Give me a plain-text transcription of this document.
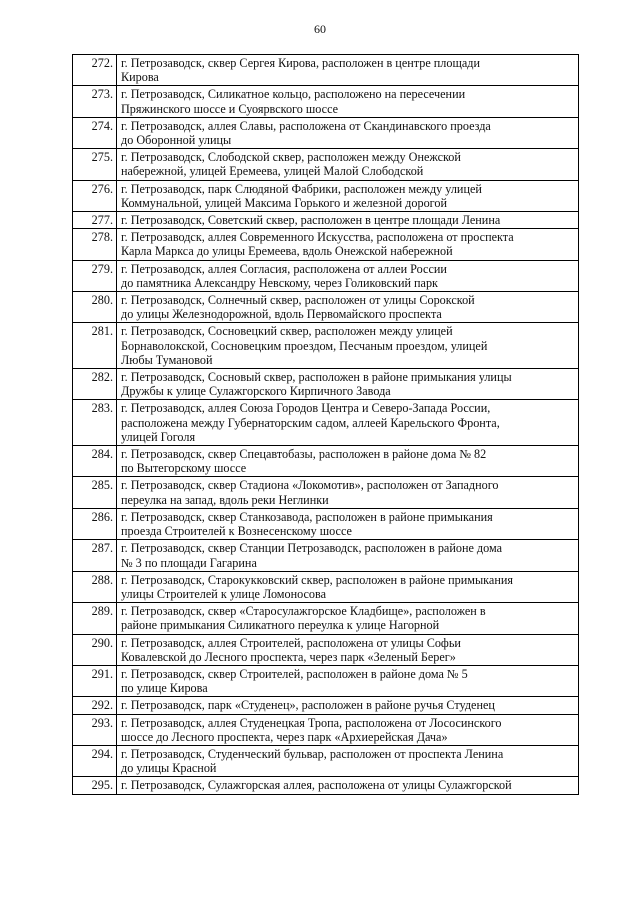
60
272.	г. Петрозаводск, сквер Сергея Кирова, расположен в центре площади
Кирова
273.	г. Петрозаводск, Силикатное кольцо, расположено на пересечении
Пряжинского шоссе и Суоярвского шоссе
274.	г. Петрозаводск, аллея Славы, расположена от Скандинавского проезда
до Оборонной улицы
275.	г. Петрозаводск, Слободской сквер, расположен между Онежской
набережной, улицей Еремеева, улицей Малой Слободской
276.	г. Петрозаводск, парк Слюдяной Фабрики, расположен между улицей
Коммунальной, улицей Максима Горького и железной дорогой
277.	г. Петрозаводск, Советский сквер, расположен в центре площади Ленина
278.	г. Петрозаводск, аллея Современного Искусства, расположена от проспекта
Карла Маркса до улицы Еремеева, вдоль Онежской набережной
279.	г. Петрозаводск, аллея Согласия, расположена от аллеи России
до памятника Александру Невскому, через Голиковский парк
280.	г. Петрозаводск, Солнечный сквер, расположен от улицы Сорокской
до улицы Железнодорожной, вдоль Первомайского проспекта
281.	г. Петрозаводск, Сосновецкий сквер, расположен между улицей
Борнаволокской, Сосновецким проездом, Песчаным проездом, улицей
Любы Тумановой
282.	г. Петрозаводск, Сосновый сквер, расположен в районе примыкания улицы
Дружбы к улице Сулажгорского Кирпичного Завода
283.	г. Петрозаводск, аллея Союза Городов Центра и Северо-Запада России,
расположена между Губернаторским садом, аллеей Карельского Фронта,
улицей Гоголя
284.	г. Петрозаводск, сквер Спецавтобазы, расположен в районе дома № 82
по Вытегорскому шоссе
285.	г. Петрозаводск, сквер Стадиона «Локомотив», расположен от Западного
переулка на запад, вдоль реки Неглинки
286.	г. Петрозаводск, сквер Станкозавода, расположен в районе примыкания
проезда Строителей к Вознесенскому шоссе
287.	г. Петрозаводск, сквер Станции Петрозаводск, расположен в районе дома
№ 3 по площади Гагарина
288.	г. Петрозаводск, Старокукковский сквер, расположен в районе примыкания
улицы Строителей к улице Ломоносова
289.	г. Петрозаводск, сквер «Старосулажгорское Кладбище», расположен в
районе примыкания Силикатного переулка к улице Нагорной
290.	г. Петрозаводск, аллея Строителей, расположена от улицы Софьи
Ковалевской до Лесного проспекта, через парк «Зеленый Берег»
291.	г. Петрозаводск, сквер Строителей, расположен в районе дома № 5
по улице Кирова
292.	г. Петрозаводск, парк «Студенец», расположен в районе ручья Студенец
293.	г. Петрозаводск, аллея Студенецкая Тропа, расположена от Лососинского
шоссе до Лесного проспекта, через парк «Архиерейская Дача»
294.	г. Петрозаводск, Студенческий бульвар, расположен от проспекта Ленина
до улицы Красной
295.	г. Петрозаводск, Сулажгорская аллея, расположена от улицы Сулажгорской
